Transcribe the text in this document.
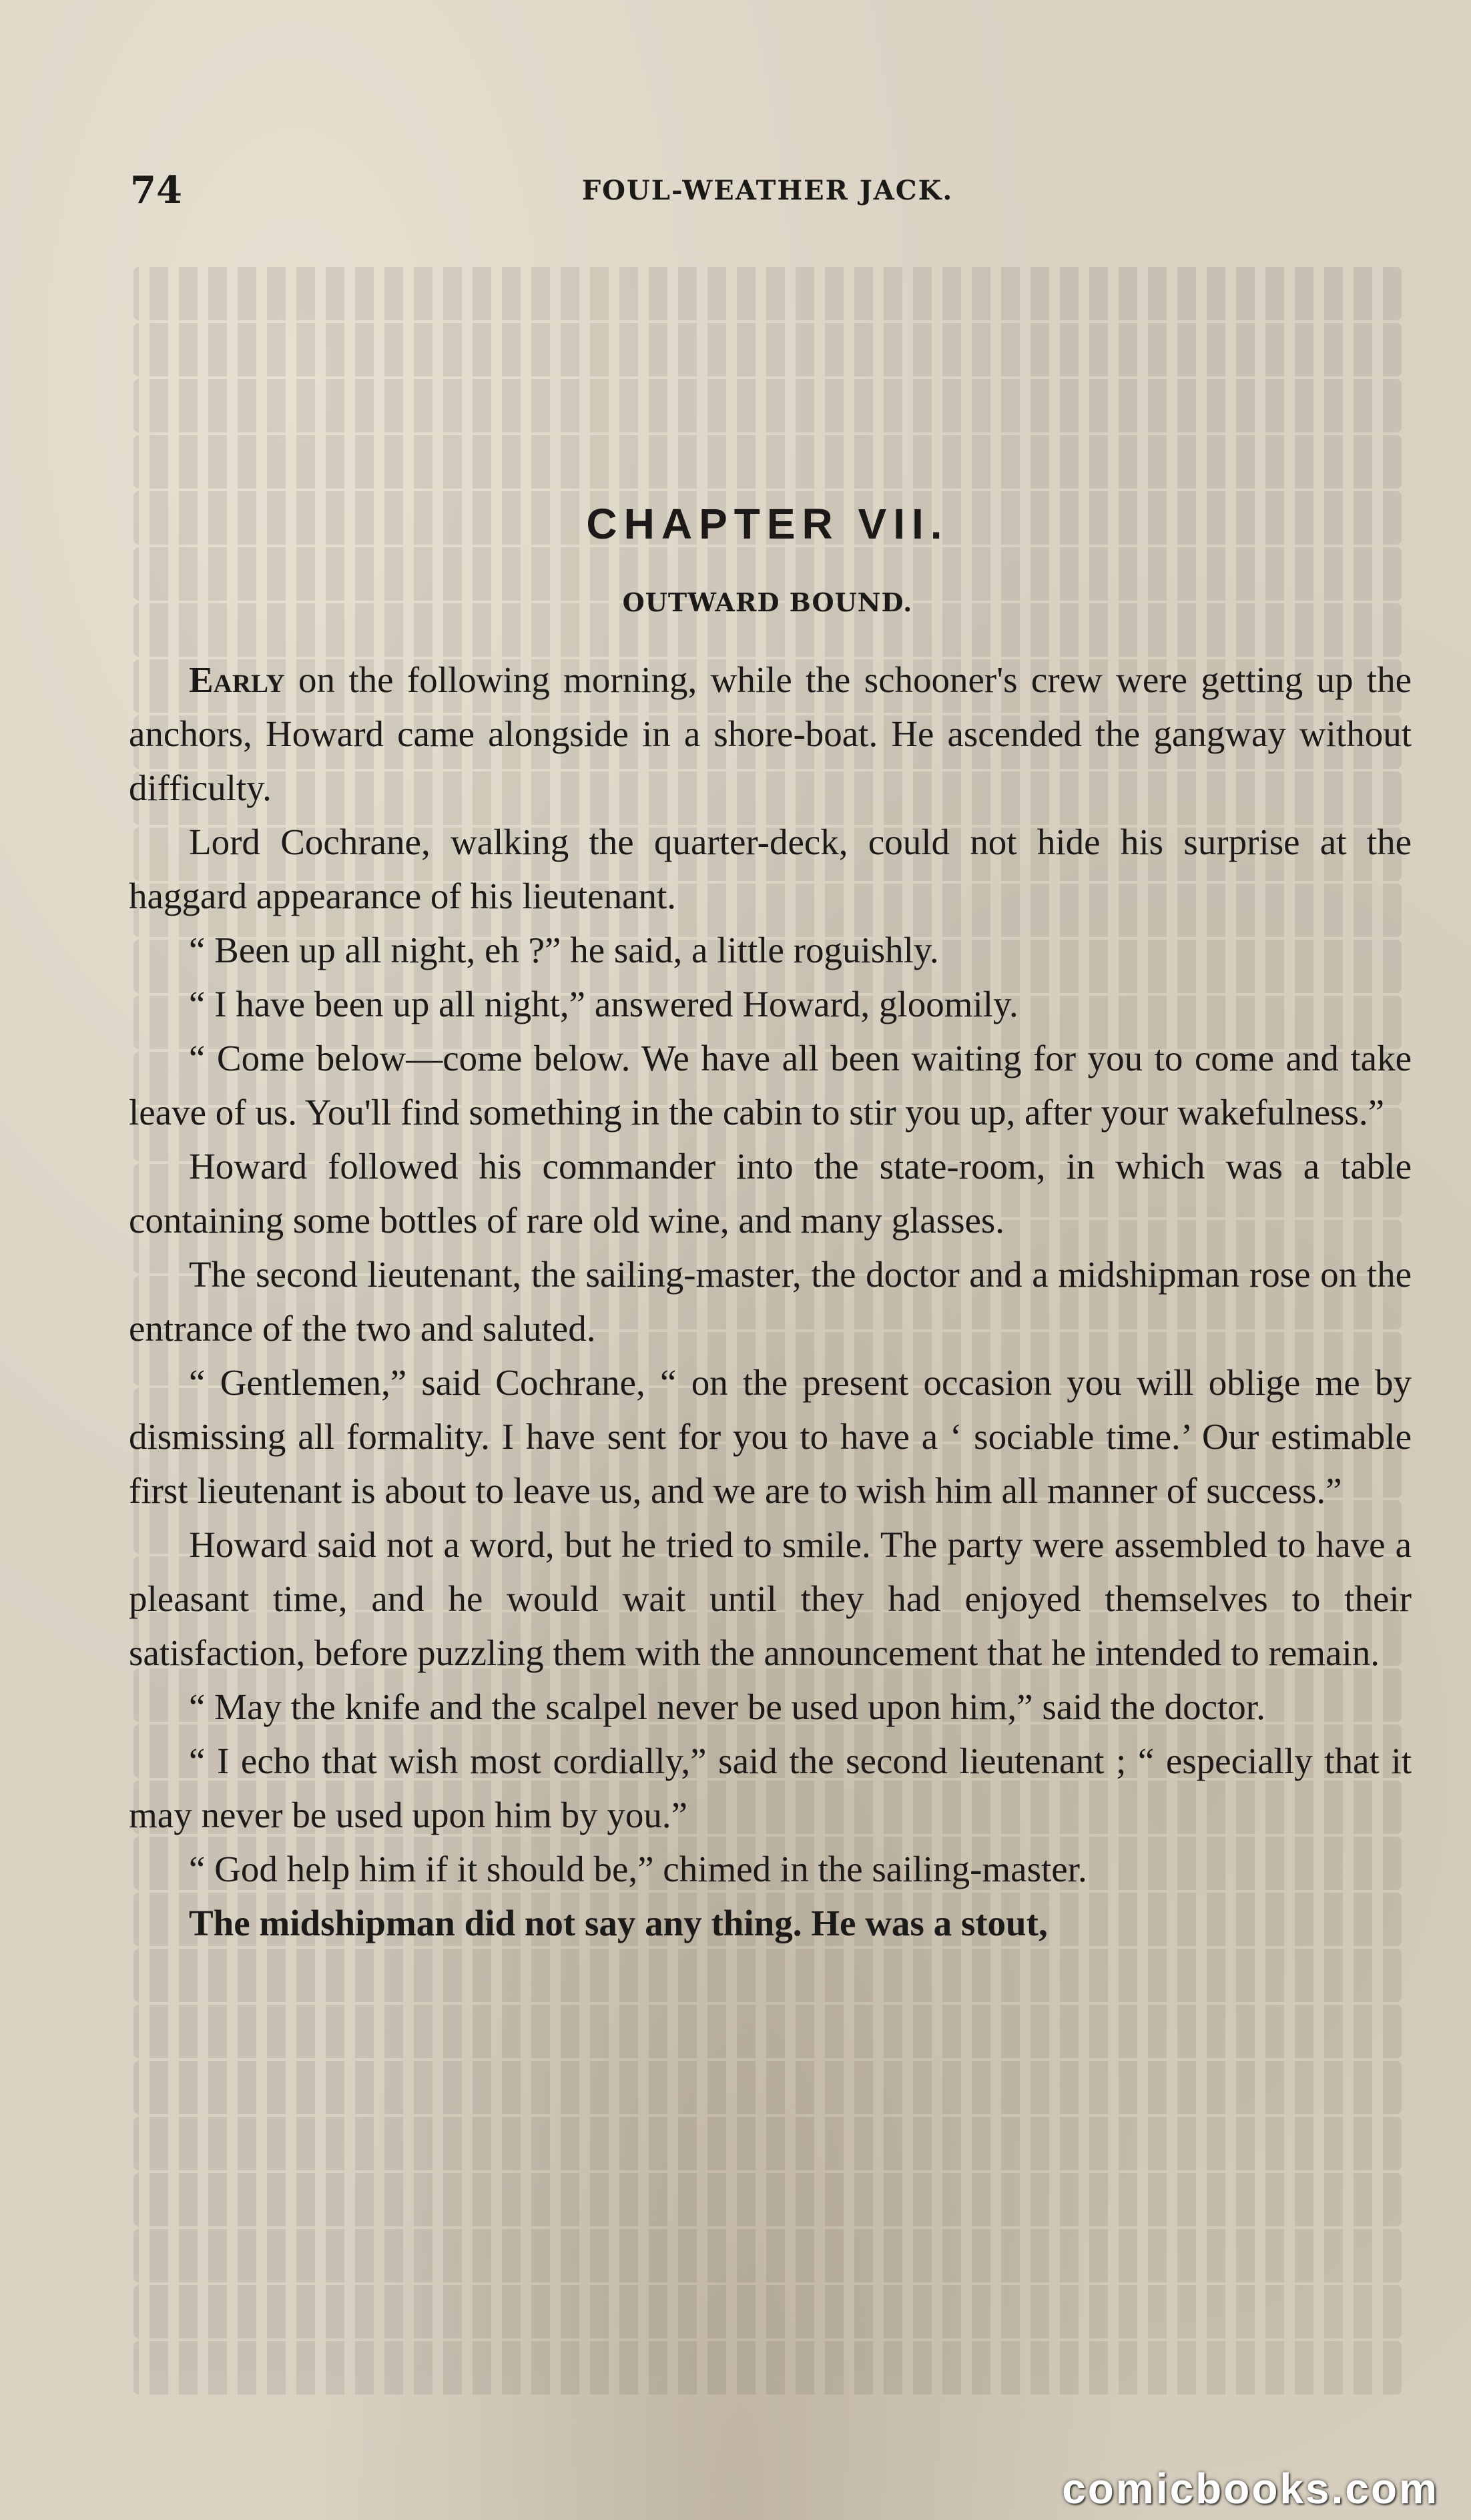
74	FOUL-WEATHER JACK.
CHAPTER VII.
OUTWARD BOUND.

Early on the following morning, while the schooner's crew were getting up the anchors, Howard came alongside in a shore-boat. He ascended the gangway without difficulty.

Lord Cochrane, walking the quarter-deck, could not hide his surprise at the haggard appearance of his lieutenant.

“ Been up all night, eh ?” he said, a little roguishly.

“ I have been up all night,” answered Howard, gloomily.

“ Come below—come below. We have all been waiting for you to come and take leave of us. You'll find something in the cabin to stir you up, after your wakefulness.”

Howard followed his commander into the state-room, in which was a table containing some bottles of rare old wine, and many glasses.

The second lieutenant, the sailing-master, the doctor and a midshipman rose on the entrance of the two and saluted.

“ Gentlemen,” said Cochrane, “ on the present occasion you will oblige me by dismissing all formality. I have sent for you to have a ‘ sociable time.’ Our estimable first lieutenant is about to leave us, and we are to wish him all manner of success.”

Howard said not a word, but he tried to smile. The party were assembled to have a pleasant time, and he would wait until they had enjoyed themselves to their satisfaction, before puzzling them with the announcement that he intended to remain.

“ May the knife and the scalpel never be used upon him,” said the doctor.

“ I echo that wish most cordially,” said the second lieutenant ; “ especially that it may never be used upon him by you.”

“ God help him if it should be,” chimed in the sailing-master.

The midshipman did not say any thing. He was a stout,

comicbooks.com
